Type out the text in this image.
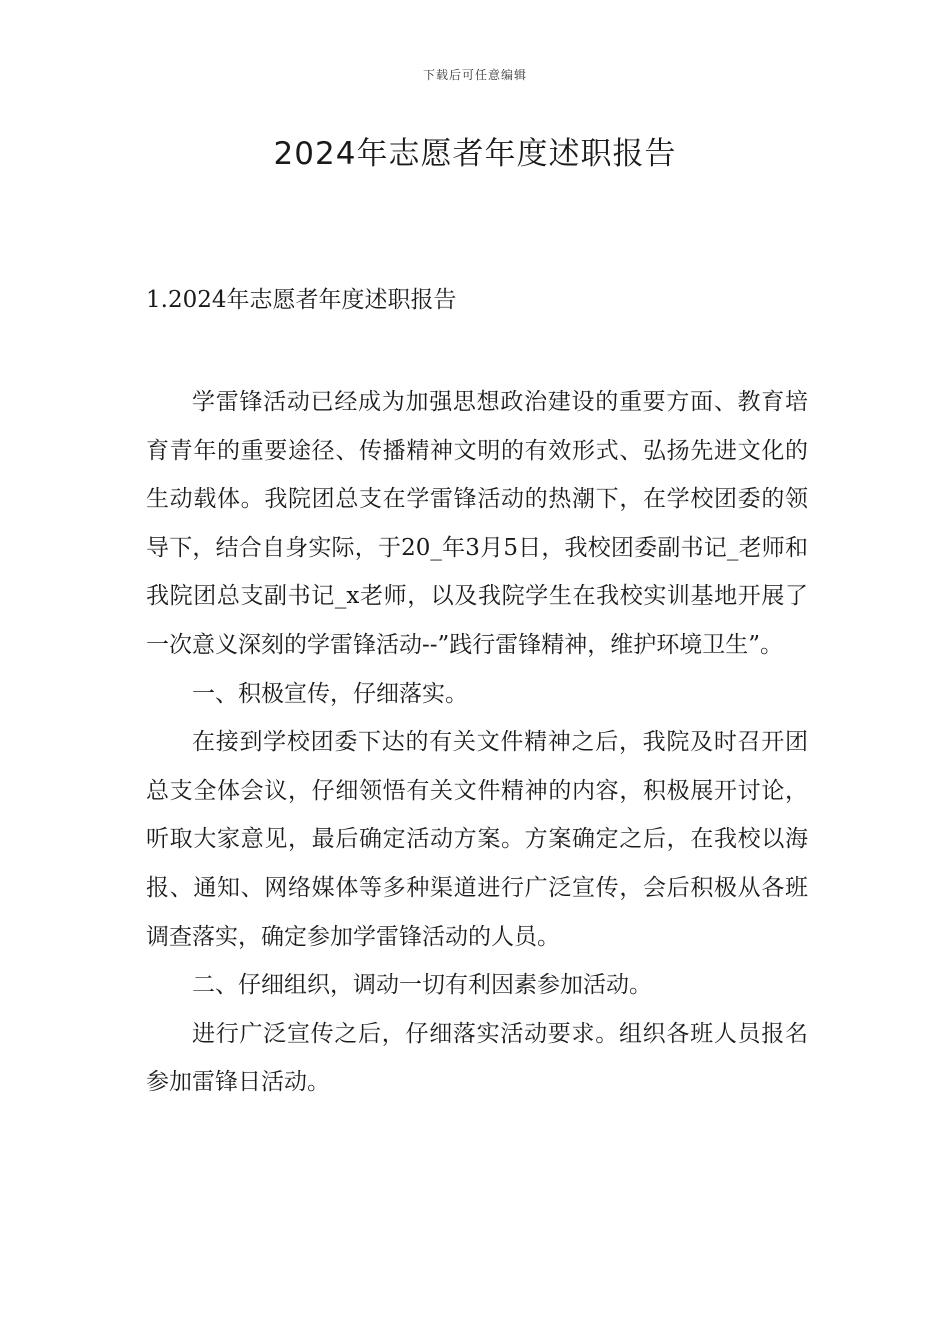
下载后可任意编辑
2024年志愿者年度述职报告
1.2024年志愿者年度述职报告

学雷锋活动已经成为加强思想政治建设的重要方面、教育培育青年的重要途径、传播精神文明的有效形式、弘扬先进文化的生动载体。我院团总支在学雷锋活动的热潮下，在学校团委的领导下，结合自身实际，于20_年3月5日，我校团委副书记_老师和我院团总支副书记_x老师，以及我院学生在我校实训基地开展了一次意义深刻的学雷锋活动--”践行雷锋精神，维护环境卫生”。

一、积极宣传，仔细落实。

在接到学校团委下达的有关文件精神之后，我院及时召开团总支全体会议，仔细领悟有关文件精神的内容，积极展开讨论，听取大家意见，最后确定活动方案。方案确定之后，在我校以海报、通知、网络媒体等多种渠道进行广泛宣传，会后积极从各班调查落实，确定参加学雷锋活动的人员。

二、仔细组织，调动一切有利因素参加活动。

进行广泛宣传之后，仔细落实活动要求。组织各班人员报名参加雷锋日活动。
